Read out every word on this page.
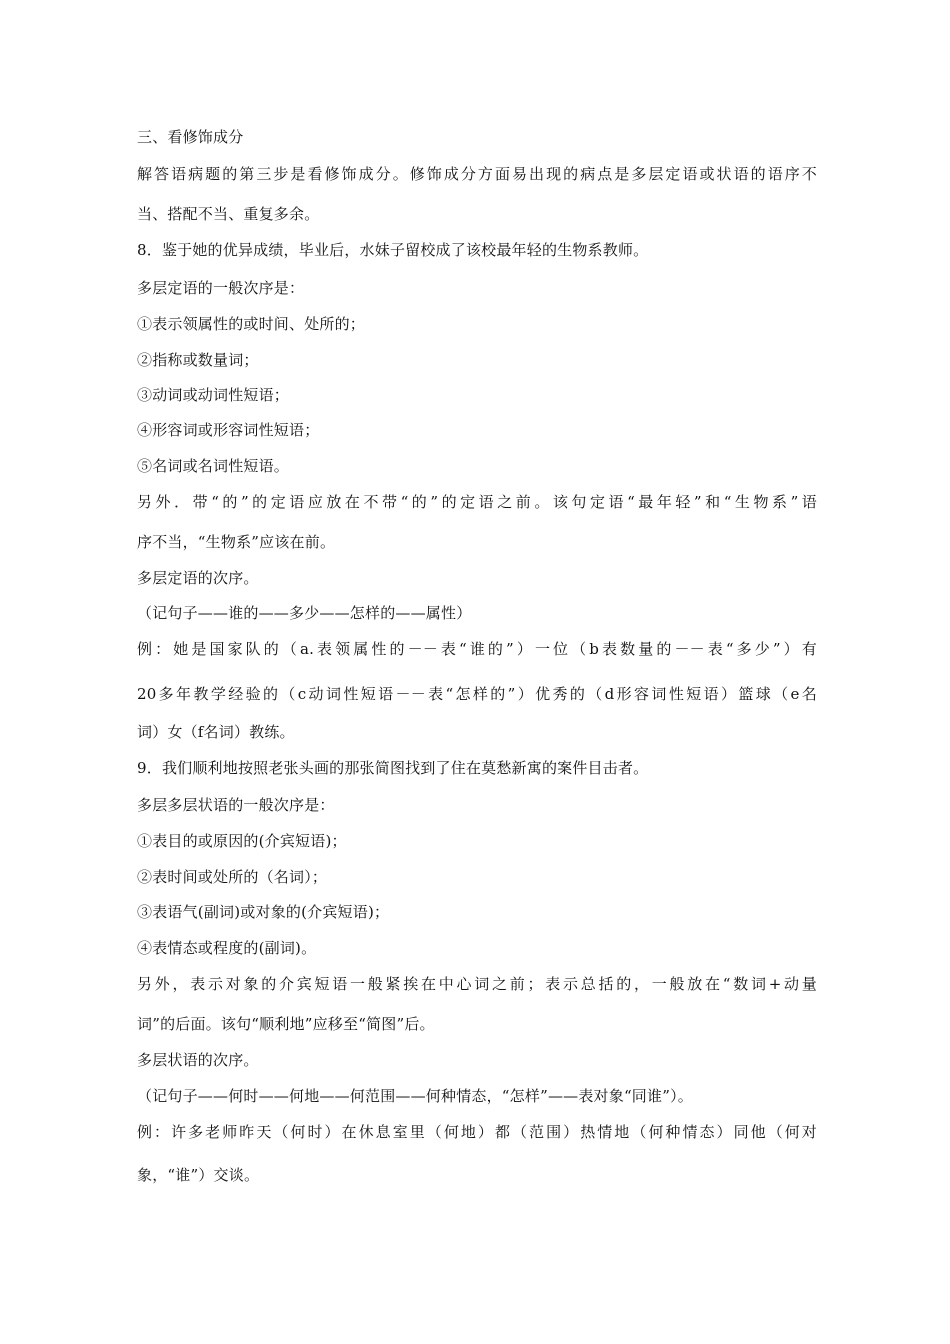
三、看修饰成分
解答语病题的第三步是看修饰成分。修饰成分方面易出现的病点是多层定语或状语的语序不
当、搭配不当、重复多余。
8．鉴于她的优异成绩，毕业后，水妹子留校成了该校最年轻的生物系教师。
多层定语的一般次序是：
①表示领属性的或时间、处所的；
②指称或数量词；
③动词或动词性短语；
④形容词或形容词性短语；
⑤名词或名词性短语。
另外．带“的”的定语应放在不带“的”的定语之前。该句定语“最年轻”和“生物系”语
序不当，“生物系”应该在前。
多层定语的次序。
（记句子——谁的——多少——怎样的——属性）
例：她是国家队的（a.表领属性的－－表“谁的”）一位（b表数量的－－表“多少”）有
20多年教学经验的（c动词性短语－－表“怎样的”）优秀的（d形容词性短语）篮球（e名
词）女（f名词）教练。
9．我们顺利地按照老张头画的那张简图找到了住在莫愁新寓的案件目击者。
多层多层状语的一般次序是：
①表目的或原因的(介宾短语)；
②表时间或处所的（名词）；
③表语气(副词)或对象的(介宾短语)；
④表情态或程度的(副词)。
另外，表示对象的介宾短语一般紧挨在中心词之前；表示总括的，一般放在“数词+动量
词”的后面。该句“顺利地”应移至“简图”后。
多层状语的次序。
（记句子——何时——何地——何范围——何种情态，“怎样”——表对象“同谁”）。
例：许多老师昨天（何时）在休息室里（何地）都（范围）热情地（何种情态）同他（何对
象，“谁”）交谈。
